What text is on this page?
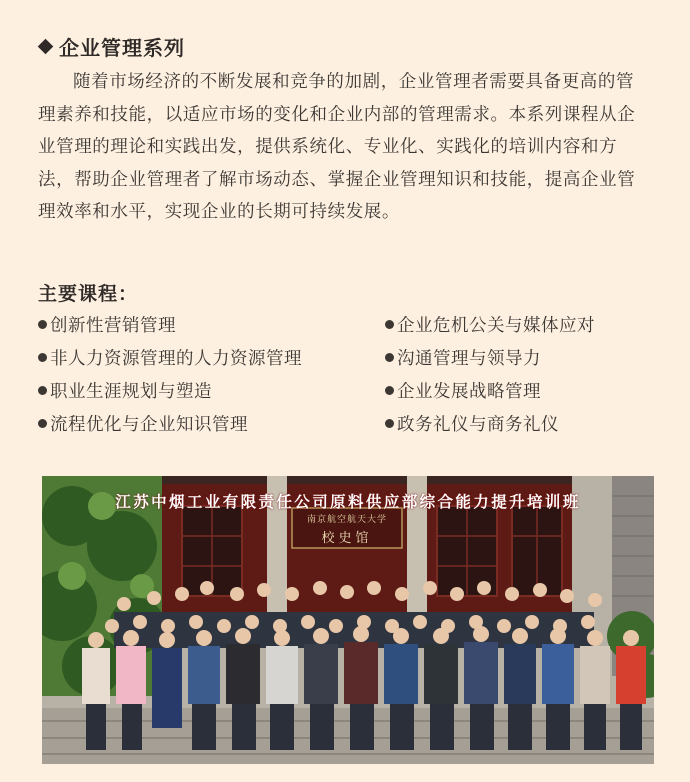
企业管理系列

随着市场经济的不断发展和竞争的加剧，企业管理者需要具备更高的管理素养和技能，以适应市场的变化和企业内部的管理需求。本系列课程从企业管理的理论和实践出发，提供系统化、专业化、实践化的培训内容和方法，帮助企业管理者了解市场动态、掌握企业管理知识和技能，提高企业管理效率和水平，实现企业的长期可持续发展。

主要课程：
创新性营销管理	企业危机公关与媒体应对
非人力资源管理的人力资源管理	沟通管理与领导力
职业生涯规划与塑造	企业发展战略管理
流程优化与企业知识管理	政务礼仪与商务礼仪
江苏中烟工业有限责任公司原料供应部综合能力提升培训班
南京航空航天大学
校史馆
